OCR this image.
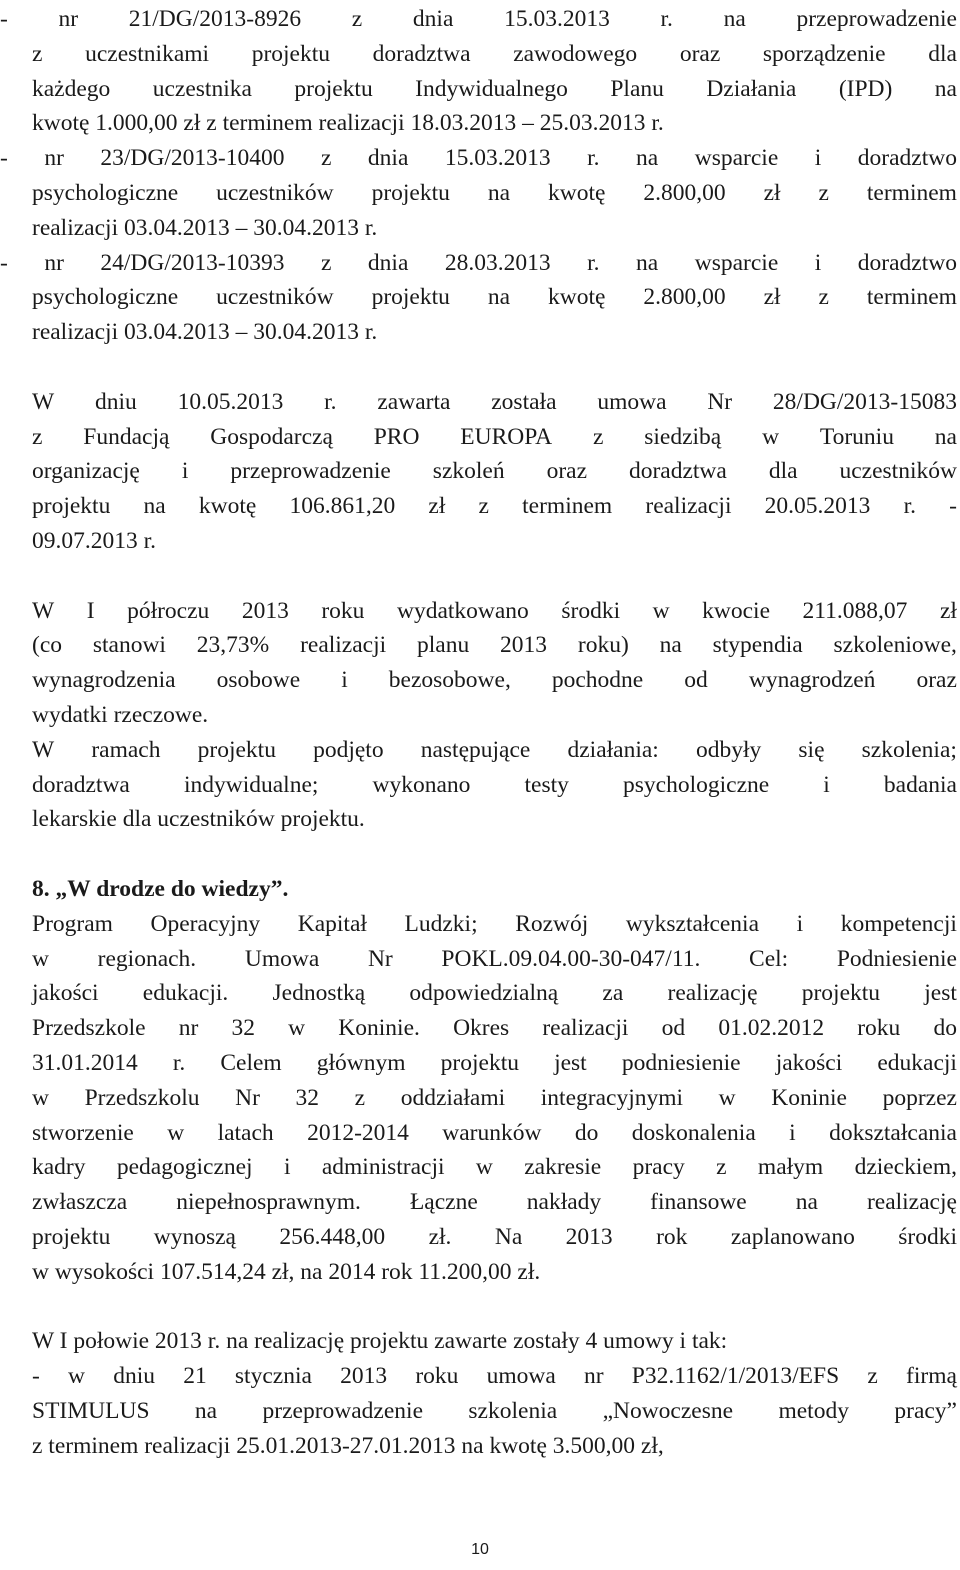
- nr 21/DG/2013-8926 z dnia 15.03.2013 r. na przeprowadzenie
z uczestnikami projektu doradztwa zawodowego oraz sporządzenie dla
każdego uczestnika projektu Indywidualnego Planu Działania (IPD) na
kwotę 1.000,00 zł z terminem realizacji 18.03.2013 – 25.03.2013 r.
- nr 23/DG/2013-10400 z dnia 15.03.2013 r. na wsparcie i doradztwo
psychologiczne uczestników projektu na kwotę 2.800,00 zł z terminem
realizacji 03.04.2013 – 30.04.2013 r.
- nr 24/DG/2013-10393 z dnia 28.03.2013 r. na wsparcie i doradztwo
psychologiczne uczestników projektu na kwotę 2.800,00 zł z terminem
realizacji 03.04.2013 – 30.04.2013 r.
W dniu 10.05.2013 r. zawarta została umowa Nr 28/DG/2013-15083
z Fundacją Gospodarczą PRO EUROPA z siedzibą w Toruniu na
organizację i przeprowadzenie szkoleń oraz doradztwa dla uczestników
projektu na kwotę 106.861,20 zł z terminem realizacji 20.05.2013 r. -
09.07.2013 r.
W I półroczu 2013 roku wydatkowano środki w kwocie 211.088,07 zł
(co stanowi 23,73% realizacji planu 2013 roku) na stypendia szkoleniowe,
wynagrodzenia osobowe i bezosobowe, pochodne od wynagrodzeń oraz
wydatki rzeczowe.
W ramach projektu podjęto następujące działania: odbyły się szkolenia;
doradztwa indywidualne; wykonano testy psychologiczne i badania
lekarskie dla uczestników projektu.
8. „W drodze do wiedzy”.
Program Operacyjny Kapitał Ludzki; Rozwój wykształcenia i kompetencji
w regionach. Umowa Nr POKL.09.04.00-30-047/11. Cel: Podniesienie
jakości edukacji. Jednostką odpowiedzialną za realizację projektu jest
Przedszkole nr 32 w Koninie. Okres realizacji od 01.02.2012 roku do
31.01.2014 r. Celem głównym projektu jest podniesienie jakości edukacji
w Przedszkolu Nr 32 z oddziałami integracyjnymi w Koninie poprzez
stworzenie w latach 2012-2014 warunków do doskonalenia i dokształcania
kadry pedagogicznej i administracji w zakresie pracy z małym dzieckiem,
zwłaszcza niepełnosprawnym. Łączne nakłady finansowe na realizację
projektu wynoszą 256.448,00 zł. Na 2013 rok zaplanowano środki
w wysokości 107.514,24 zł, na 2014 rok 11.200,00 zł.
W I połowie 2013 r. na realizację projektu zawarte zostały 4 umowy i tak:
- w dniu 21 stycznia 2013 roku umowa nr P32.1162/1/2013/EFS z firmą
STIMULUS na przeprowadzenie szkolenia „Nowoczesne metody pracy”
z terminem realizacji 25.01.2013-27.01.2013 na kwotę 3.500,00 zł,
10
